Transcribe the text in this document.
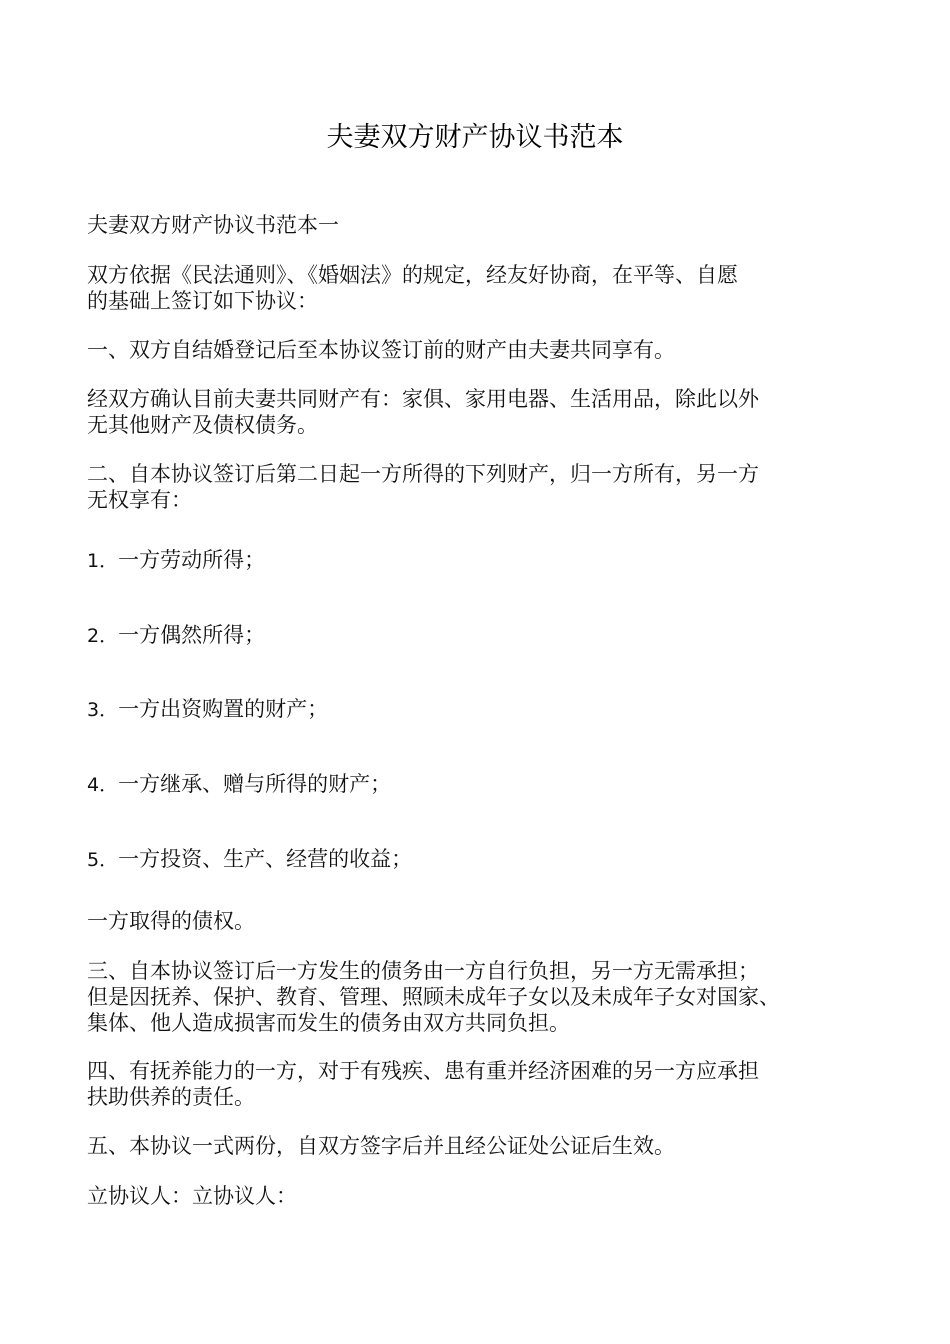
夫妻双方财产协议书范本
夫妻双方财产协议书范本一
双方依据《民法通则》、《婚姻法》的规定，经友好协商，在平等、自愿
的基础上签订如下协议：
一、双方自结婚登记后至本协议签订前的财产由夫妻共同享有。
经双方确认目前夫妻共同财产有：家俱、家用电器、生活用品，除此以外
无其他财产及债权债务。
二、自本协议签订后第二日起一方所得的下列财产，归一方所有，另一方
无权享有：
1．一方劳动所得；
2．一方偶然所得；
3．一方出资购置的财产；
4．一方继承、赠与所得的财产；
5．一方投资、生产、经营的收益；
一方取得的债权。
三、自本协议签订后一方发生的债务由一方自行负担，另一方无需承担；
但是因抚养、保护、教育、管理、照顾未成年子女以及未成年子女对国家、
集体、他人造成损害而发生的债务由双方共同负担。
四、有抚养能力的一方，对于有残疾、患有重并经济困难的另一方应承担
扶助供养的责任。
五、本协议一式两份，自双方签字后并且经公证处公证后生效。
立协议人：立协议人：
